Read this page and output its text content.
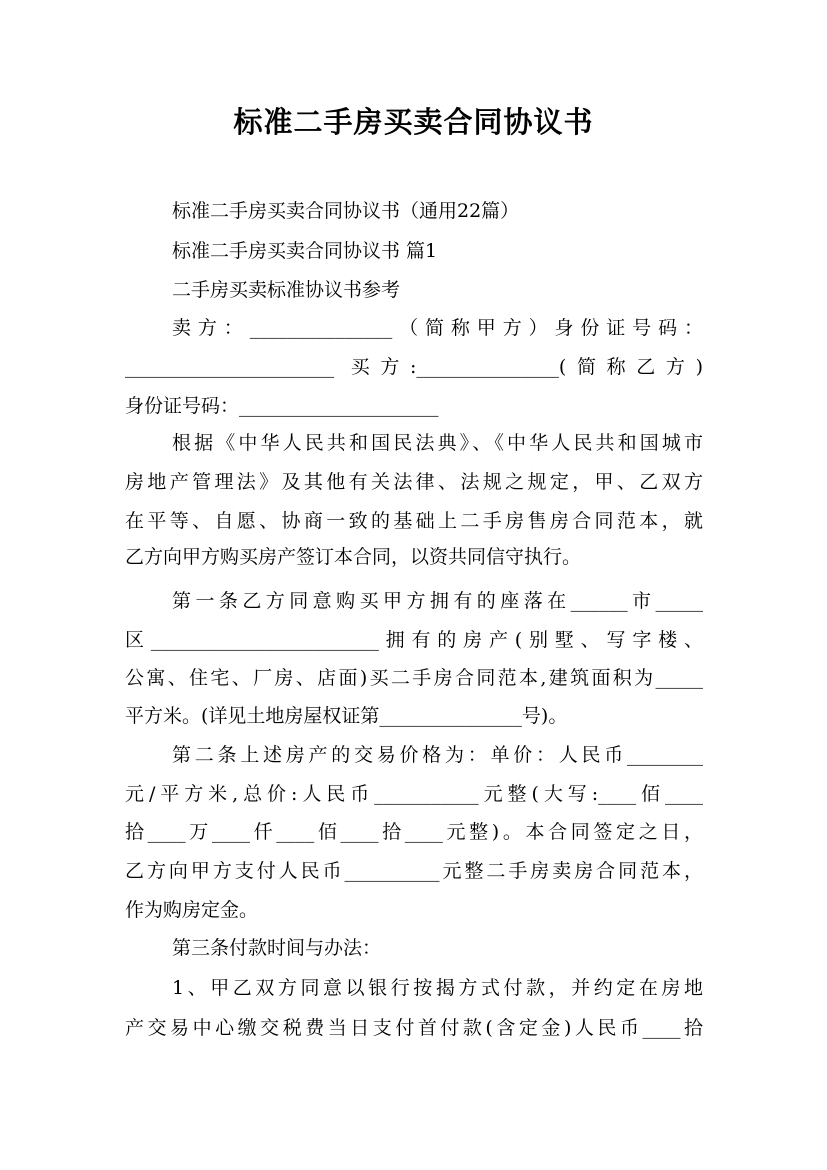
标准二手房买卖合同协议书
标准二手房买卖合同协议书（通用22篇）
标准二手房买卖合同协议书 篇1
二手房买卖标准协议书参考
卖方：_______________（简称甲方）身份证号码：
______________________ 买方:_______________(简称乙方)
身份证号码：_____________________
根据《中华人民共和国民法典》、《中华人民共和国城市
房地产管理法》及其他有关法律、法规之规定，甲、乙双方
在平等、自愿、协商一致的基础上二手房售房合同范本，就
乙方向甲方购买房产签订本合同，以资共同信守执行。
第一条乙方同意购买甲方拥有的座落在______市_____
区________________________拥有的房产(别墅、写字楼、
公寓、住宅、厂房、店面)买二手房合同范本,建筑面积为_____
平方米。(详见土地房屋权证第_______________号)。
第二条上述房产的交易价格为：单价：人民币________
元/平方米,总价:人民币___________元整(大写:____佰____
拾____万____仟____佰____拾____元整)。本合同签定之日，
乙方向甲方支付人民币__________元整二手房卖房合同范本，
作为购房定金。
第三条付款时间与办法：
1、甲乙双方同意以银行按揭方式付款，并约定在房地
产交易中心缴交税费当日支付首付款(含定金)人民币____拾
